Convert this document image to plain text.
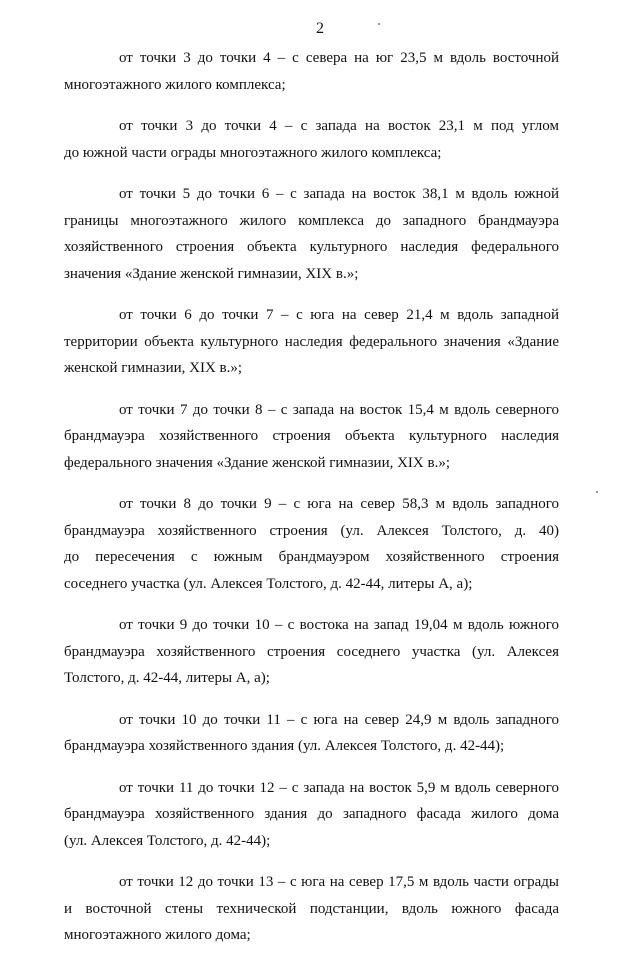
2
от точки 3 до точки 4 – с севера на юг 23,5 м вдоль восточной
многоэтажного жилого комплекса;
от точки 3 до точки 4 – с запада на восток 23,1 м под углом
до южной части ограды многоэтажного жилого комплекса;
от точки 5 до точки 6 – с запада на восток 38,1 м вдоль южной
границы многоэтажного жилого комплекса до западного брандмауэра
хозяйственного строения объекта культурного наследия федерального
значения «Здание женской гимназии, XIX в.»;
от точки 6 до точки 7 – с юга на север 21,4 м вдоль западной
территории объекта культурного наследия федерального значения «Здание
женской гимназии, XIX в.»;
от точки 7 до точки 8 – с запада на восток 15,4 м вдоль северного
брандмауэра хозяйственного строения объекта культурного наследия
федерального значения «Здание женской гимназии, XIX в.»;
от точки 8 до точки 9 – с юга на север 58,3 м вдоль западного
брандмауэра хозяйственного строения (ул. Алексея Толстого, д. 40)
до пересечения с южным брандмауэром хозяйственного строения
соседнего участка (ул. Алексея Толстого, д. 42-44, литеры А, а);
от точки 9 до точки 10 – с востока на запад 19,04 м вдоль южного
брандмауэра хозяйственного строения соседнего участка (ул. Алексея
Толстого, д. 42-44, литеры А, а);
от точки 10 до точки 11 – с юга на север 24,9 м вдоль западного
брандмауэра хозяйственного здания (ул. Алексея Толстого, д. 42-44);
от точки 11 до точки 12 – с запада на восток 5,9 м вдоль северного
брандмауэра хозяйственного здания до западного фасада жилого дома
(ул. Алексея Толстого, д. 42-44);
от точки 12 до точки 13 – с юга на север 17,5 м вдоль части ограды
и восточной стены технической подстанции, вдоль южного фасада
многоэтажного жилого дома;
